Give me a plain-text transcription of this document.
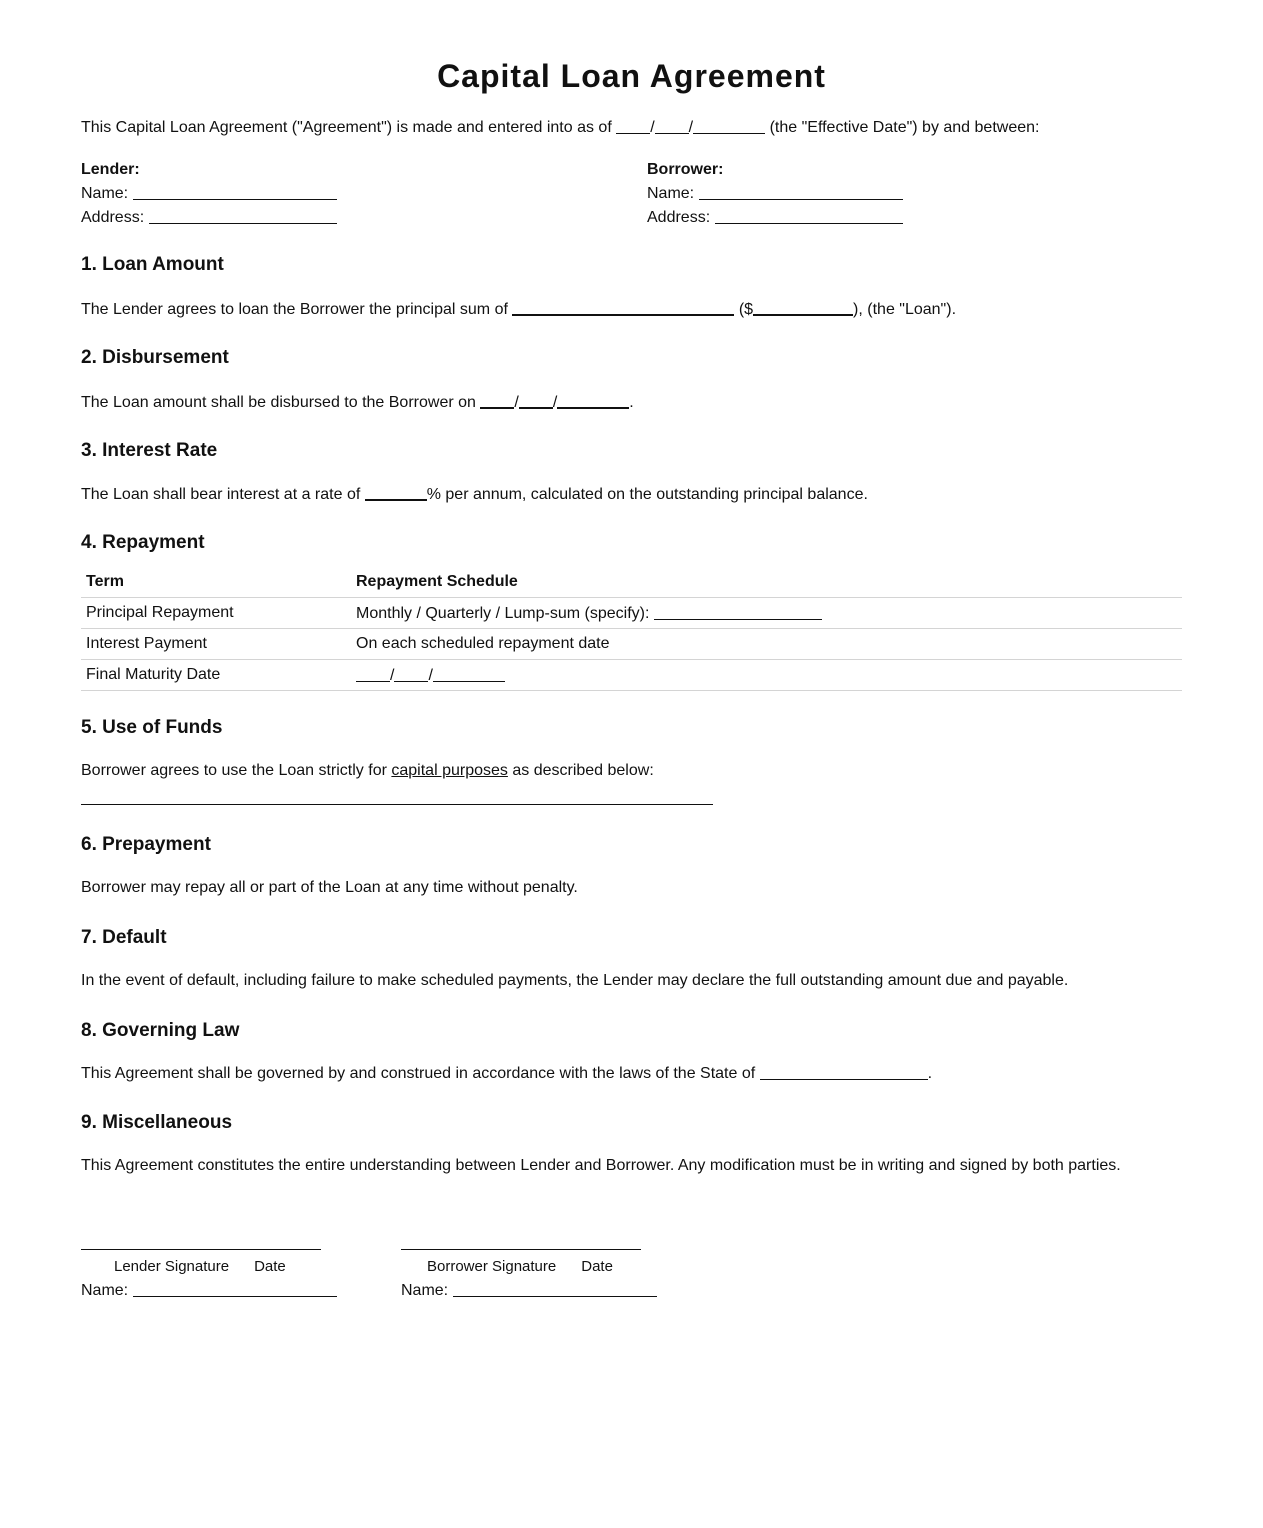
Capital Loan Agreement
This Capital Loan Agreement ("Agreement") is made and entered into as of / /	(the "Effective Date") by and between:
Lender:
Name:
Address:
Borrower:
Name:
Address:
1. Loan Amount
The Lender agrees to loan the Borrower the principal sum of	($	), (the "Loan").
2. Disbursement
The Loan amount shall be disbursed to the Borrower on / /	.
3. Interest Rate
The Loan shall bear interest at a rate of	% per annum, calculated on the outstanding principal balance.
4. Repayment
Term	Repayment Schedule
Principal Repayment	Monthly / Quarterly / Lump-sum (specify):
Interest Payment	On each scheduled repayment date
Final Maturity Date	/ /
5. Use of Funds
Borrower agrees to use the Loan strictly for capital purposes as described below:
6. Prepayment
Borrower may repay all or part of the Loan at any time without penalty.
7. Default
In the event of default, including failure to make scheduled payments, the Lender may declare the full outstanding amount due and payable.
8. Governing Law
This Agreement shall be governed by and construed in accordance with the laws of the State of	.
9. Miscellaneous
This Agreement constitutes the entire understanding between Lender and Borrower. Any modification must be in writing and signed by both parties.
Lender Signature Date
Name:
Borrower Signature Date
Name:
